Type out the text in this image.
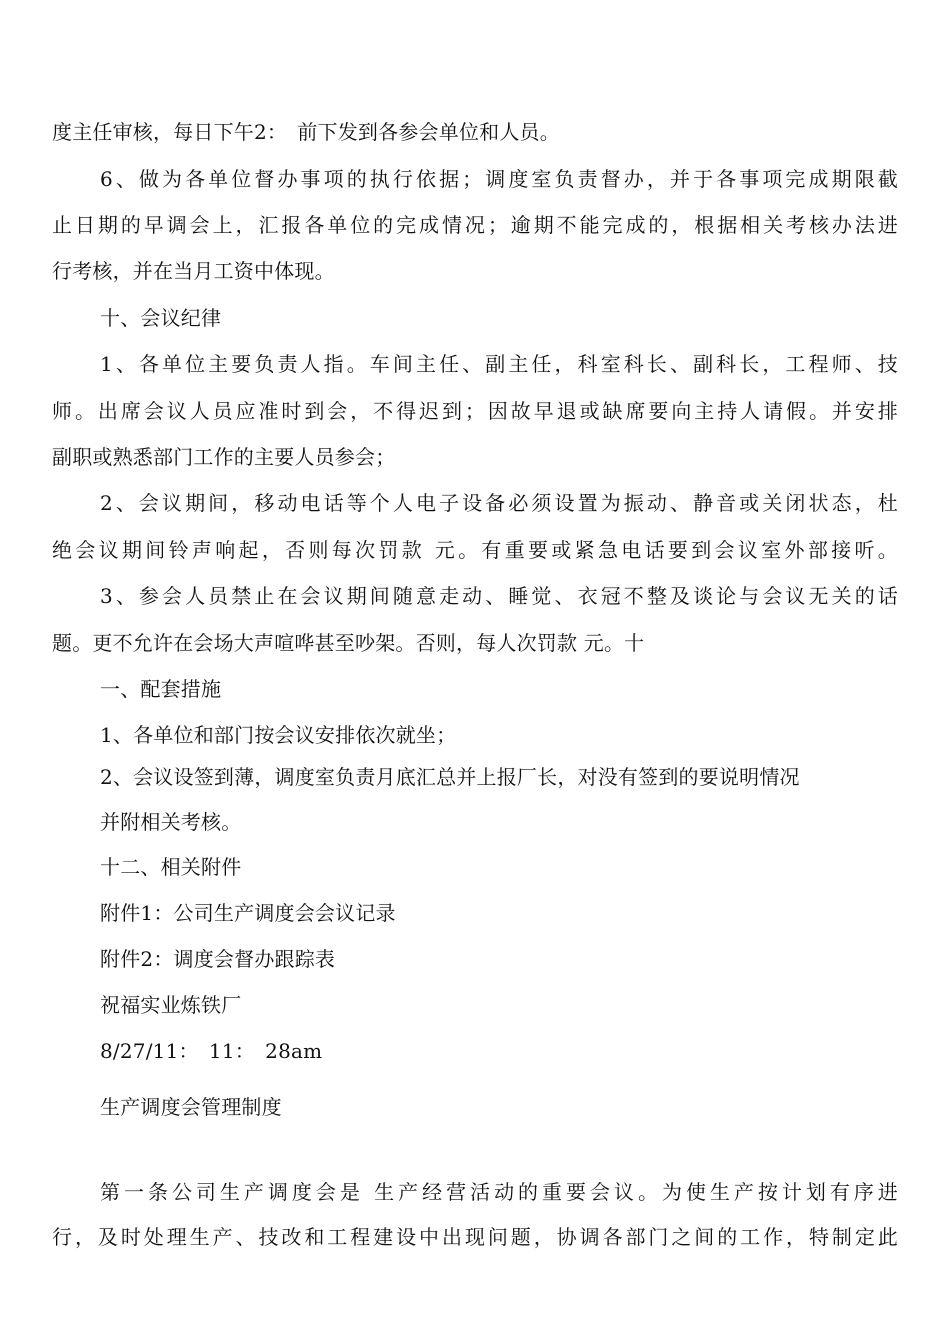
度主任审核，每日下午2：　前下发到各参会单位和人员。
6、做为各单位督办事项的执行依据；调度室负责督办，并于各事项完成期限截
止日期的早调会上，汇报各单位的完成情况；逾期不能完成的，根据相关考核办法进
行考核，并在当月工资中体现。
十、会议纪律
1、各单位主要负责人指。车间主任、副主任，科室科长、副科长，工程师、技
师。出席会议人员应准时到会，不得迟到；因故早退或缺席要向主持人请假。并安排
副职或熟悉部门工作的主要人员参会；
2、会议期间，移动电话等个人电子设备必须设置为振动、静音或关闭状态，杜
绝会议期间铃声响起，否则每次罚款 元。有重要或紧急电话要到会议室外部接听。
3、参会人员禁止在会议期间随意走动、睡觉、衣冠不整及谈论与会议无关的话
题。更不允许在会场大声喧哗甚至吵架。否则，每人次罚款 元。十
一、配套措施
1、各单位和部门按会议安排依次就坐；
2、会议设签到薄，调度室负责月底汇总并上报厂长，对没有签到的要说明情况
并附相关考核。
十二、相关附件
附件1：公司生产调度会会议记录
附件2：调度会督办跟踪表
祝福实业炼铁厂
8/27/11：　11：　28am
生产调度会管理制度
第一条公司生产调度会是 生产经营活动的重要会议。为使生产按计划有序进
行，及时处理生产、技改和工程建设中出现问题，协调各部门之间的工作，特制定此
